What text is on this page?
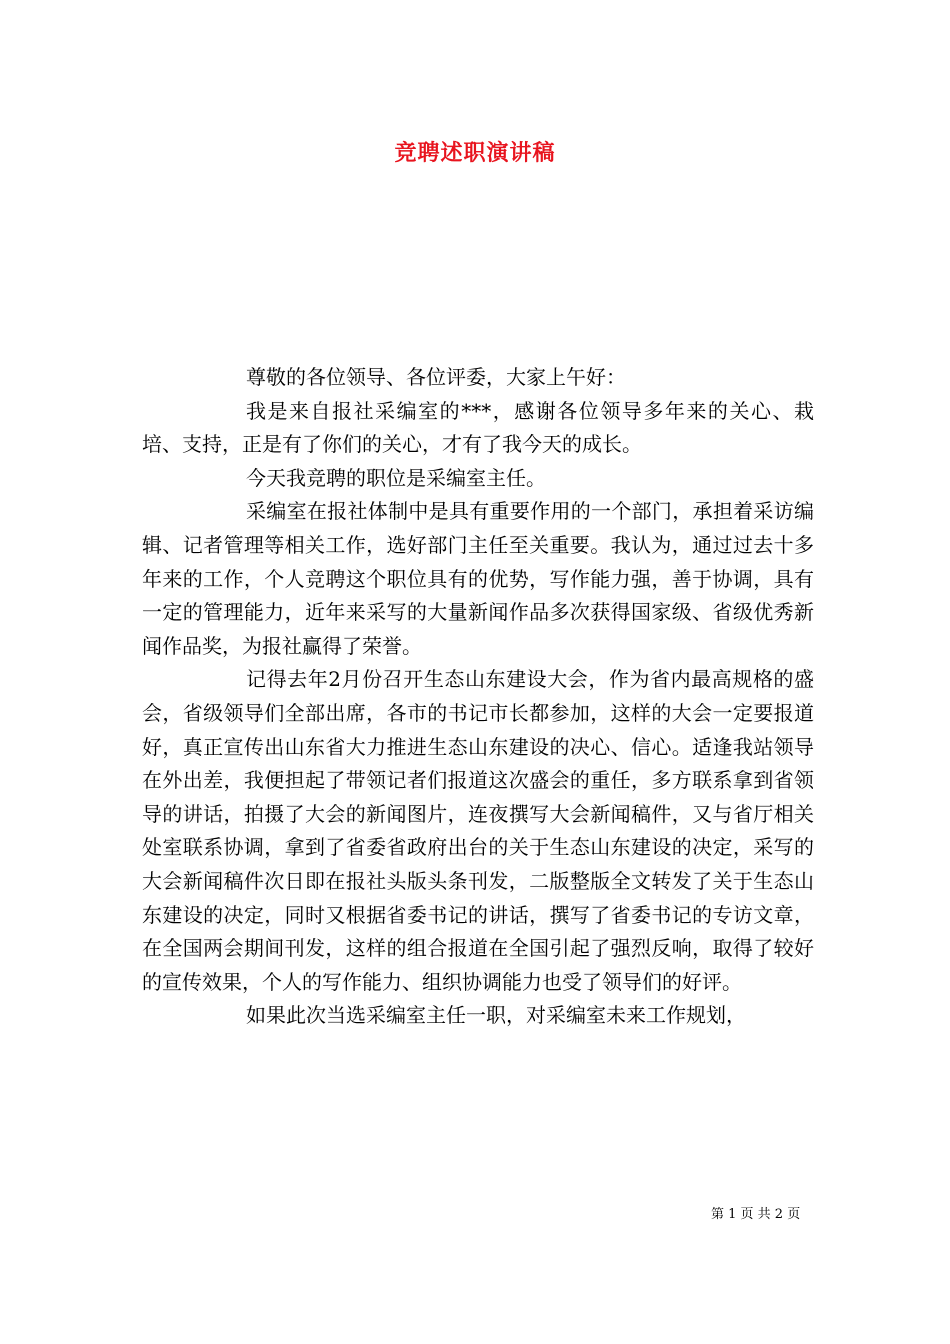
竞聘述职演讲稿

尊敬的各位领导、各位评委，大家上午好：

我是来自报社采编室的***，感谢各位领导多年来的关心、栽培、支持，正是有了你们的关心，才有了我今天的成长。

今天我竞聘的职位是采编室主任。

采编室在报社体制中是具有重要作用的一个部门，承担着采访编辑、记者管理等相关工作，选好部门主任至关重要。我认为，通过过去十多年来的工作，个人竞聘这个职位具有的优势，写作能力强，善于协调，具有一定的管理能力，近年来采写的大量新闻作品多次获得国家级、省级优秀新闻作品奖，为报社赢得了荣誉。

记得去年2月份召开生态山东建设大会，作为省内最高规格的盛会，省级领导们全部出席，各市的书记市长都参加，这样的大会一定要报道好，真正宣传出山东省大力推进生态山东建设的决心、信心。适逢我站领导在外出差，我便担起了带领记者们报道这次盛会的重任，多方联系拿到省领导的讲话，拍摄了大会的新闻图片，连夜撰写大会新闻稿件，又与省厅相关处室联系协调，拿到了省委省政府出台的关于生态山东建设的决定，采写的大会新闻稿件次日即在报社头版头条刊发，二版整版全文转发了关于生态山东建设的决定，同时又根据省委书记的讲话，撰写了省委书记的专访文章，在全国两会期间刊发，这样的组合报道在全国引起了强烈反响，取得了较好的宣传效果，个人的写作能力、组织协调能力也受了领导们的好评。

如果此次当选采编室主任一职，对采编室未来工作规划，

第 1 页 共 2 页
